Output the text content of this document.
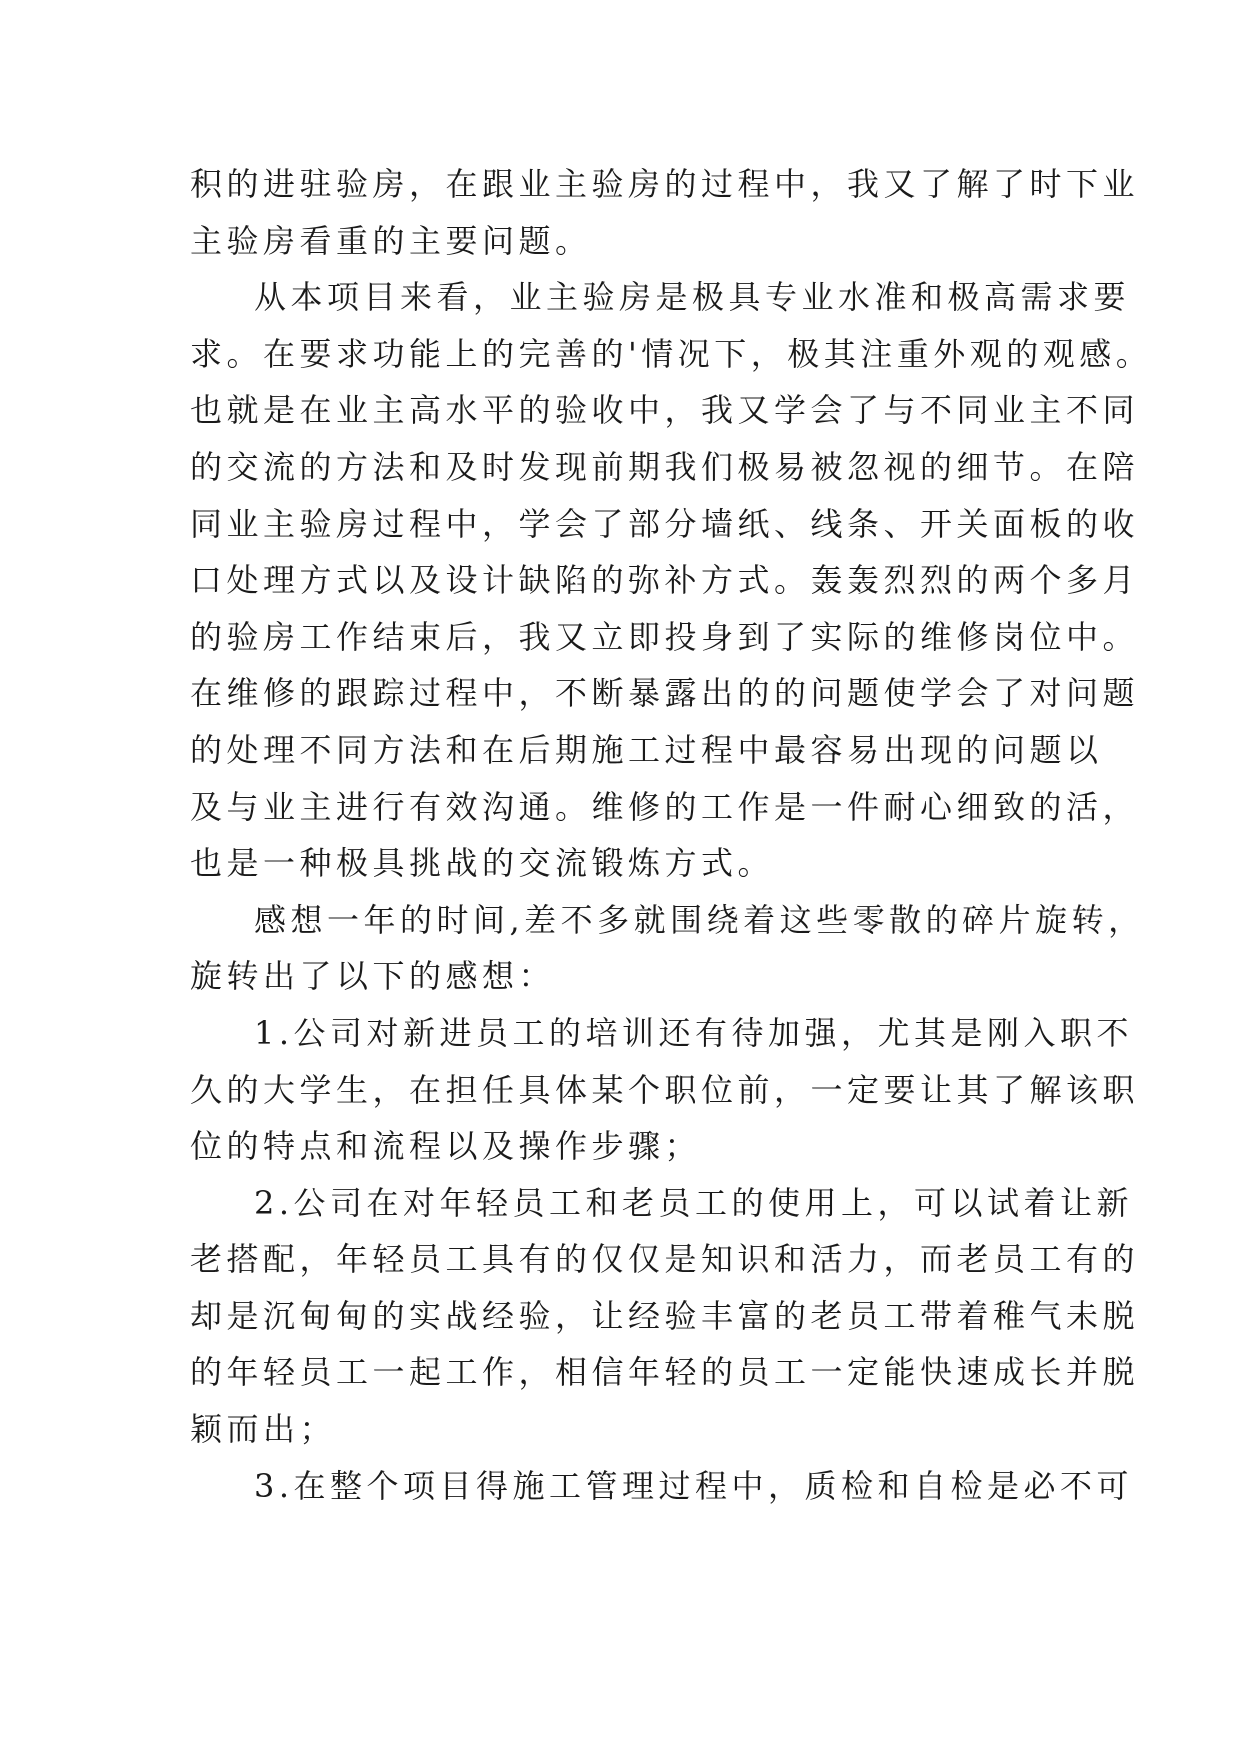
积的进驻验房，在跟业主验房的过程中，我又了解了时下业
主验房看重的主要问题。
从本项目来看，业主验房是极具专业水准和极高需求要
求。在要求功能上的完善的'情况下，极其注重外观的观感。
也就是在业主高水平的验收中，我又学会了与不同业主不同
的交流的方法和及时发现前期我们极易被忽视的细节。在陪
同业主验房过程中，学会了部分墙纸、线条、开关面板的收
口处理方式以及设计缺陷的弥补方式。轰轰烈烈的两个多月
的验房工作结束后，我又立即投身到了实际的维修岗位中。
在维修的跟踪过程中，不断暴露出的的问题使学会了对问题
的处理不同方法和在后期施工过程中最容易出现的问题以
及与业主进行有效沟通。维修的工作是一件耐心细致的活，
也是一种极具挑战的交流锻炼方式。
感想一年的时间,差不多就围绕着这些零散的碎片旋转，
旋转出了以下的感想：
1.公司对新进员工的培训还有待加强，尤其是刚入职不
久的大学生，在担任具体某个职位前，一定要让其了解该职
位的特点和流程以及操作步骤；
2.公司在对年轻员工和老员工的使用上，可以试着让新
老搭配，年轻员工具有的仅仅是知识和活力，而老员工有的
却是沉甸甸的实战经验，让经验丰富的老员工带着稚气未脱
的年轻员工一起工作，相信年轻的员工一定能快速成长并脱
颖而出；
3.在整个项目得施工管理过程中，质检和自检是必不可
